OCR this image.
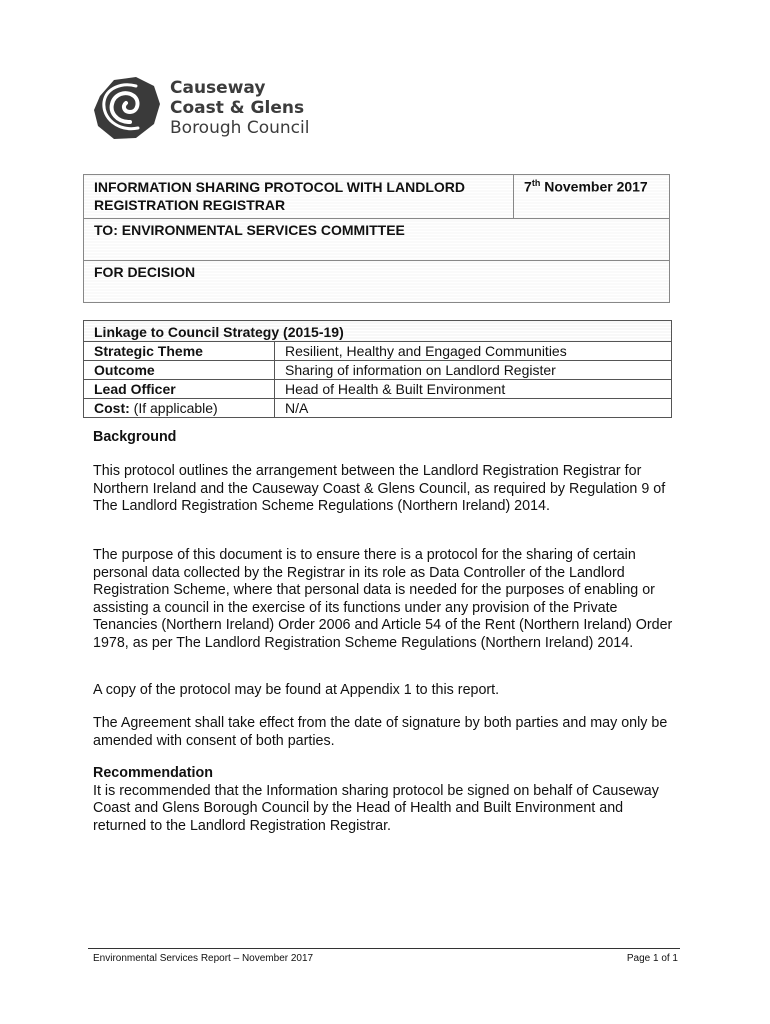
Causeway
Coast & Glens
Borough Council
INFORMATION SHARING PROTOCOL WITH LANDLORD REGISTRATION REGISTRAR	7th November 2017
TO: ENVIRONMENTAL SERVICES COMMITTEE
FOR DECISION
Linkage to Council Strategy (2015-19)	
Strategic Theme	Resilient, Healthy and Engaged Communities
Outcome	Sharing of information on Landlord Register
Lead Officer	Head of Health & Built Environment
Cost: (If applicable)	N/A

Background

This protocol outlines the arrangement between the Landlord Registration Registrar for Northern Ireland and the Causeway Coast & Glens Council, as required by Regulation 9 of The Landlord Registration Scheme Regulations (Northern Ireland) 2014.

The purpose of this document is to ensure there is a protocol for the sharing of certain personal data collected by the Registrar in its role as Data Controller of the Landlord Registration Scheme, where that personal data is needed for the purposes of enabling or assisting a council in the exercise of its functions under any provision of the Private Tenancies (Northern Ireland) Order 2006 and Article 54 of the Rent (Northern Ireland) Order 1978, as per The Landlord Registration Scheme Regulations (Northern Ireland) 2014.

A copy of the protocol may be found at Appendix 1 to this report.

The Agreement shall take effect from the date of signature by both parties and may only be amended with consent of both parties.

Recommendation

It is recommended that the Information sharing protocol be signed on behalf of Causeway Coast and Glens Borough Council by the Head of Health and Built Environment and returned to the Landlord Registration Registrar.

Environmental Services Report – November 2017	Page 1 of 1
